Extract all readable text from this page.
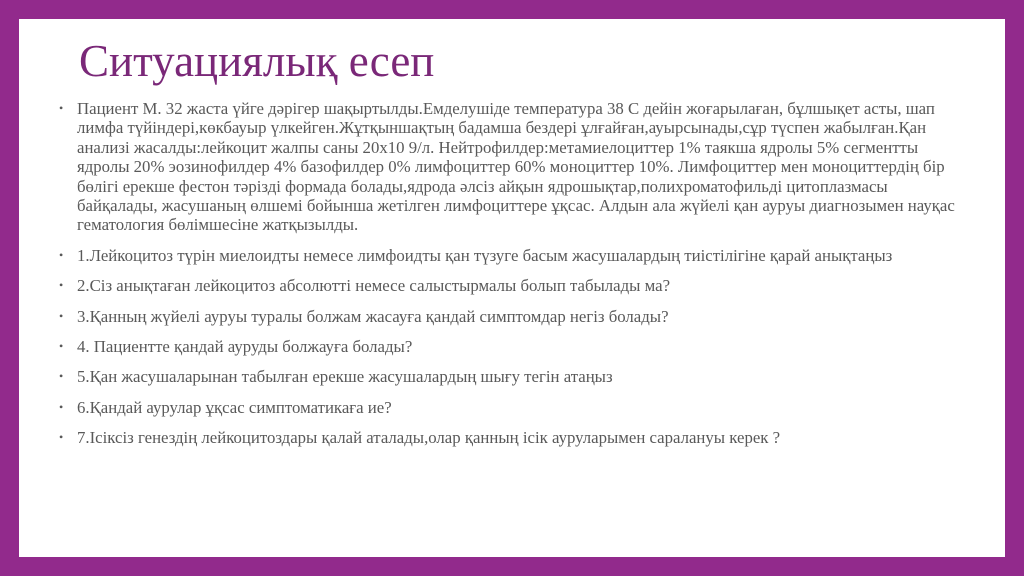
Ситуациялық есеп
• Пациент М. 32 жаста үйге дәрігер шақыртылды.Емделушіде температура 38 С дейін жоғарылаған, бұлшықет асты, шап лимфа түйіндері,көкбауыр үлкейген.Жұтқыншақтың бадамша бездері ұлғайған,ауырсынады,сұр түспен жабылған.Қан анализі жасалды:лейкоцит жалпы саны 20х10 9/л. Нейтрофилдер:метамиелоциттер 1% таякша ядролы 5% сегментты ядролы 20% эозинофилдер 4% базофилдер 0% лимфоциттер 60% моноциттер 10%. Лимфоциттер мен моноциттердің бір бөлігі ерекше фестон тәрізді формада болады,ядрода әлсіз айқын ядрошықтар,полихроматофильді цитоплазмасы байқалады, жасушаның өлшемі бойынша жетілген лимфоциттере ұқсас. Алдын ала жүйелі қан ауруы диагнозымен науқас гематология бөлімшесіне жатқызылды.
• 1.Лейкоцитоз түрін миелоидты немесе лимфоидты қан түзуге басым жасушалардың тиістілігіне қарай анықтаңыз
• 2.Сіз анықтаған лейкоцитоз абсолютті немесе салыстырмалы болып табылады ма?
• 3.Қанның жүйелі ауруы туралы болжам жасауға қандай симптомдар негіз болады?
• 4. Пациентте қандай ауруды болжауға болады?
• 5.Қан жасушаларынан табылған ерекше жасушалардың шығу тегін атаңыз
• 6.Қандай аурулар ұқсас симптоматикаға ие?
• 7.Ісіксіз генездің лейкоцитоздары қалай аталады,олар қанның ісік ауруларымен саралануы керек ?
